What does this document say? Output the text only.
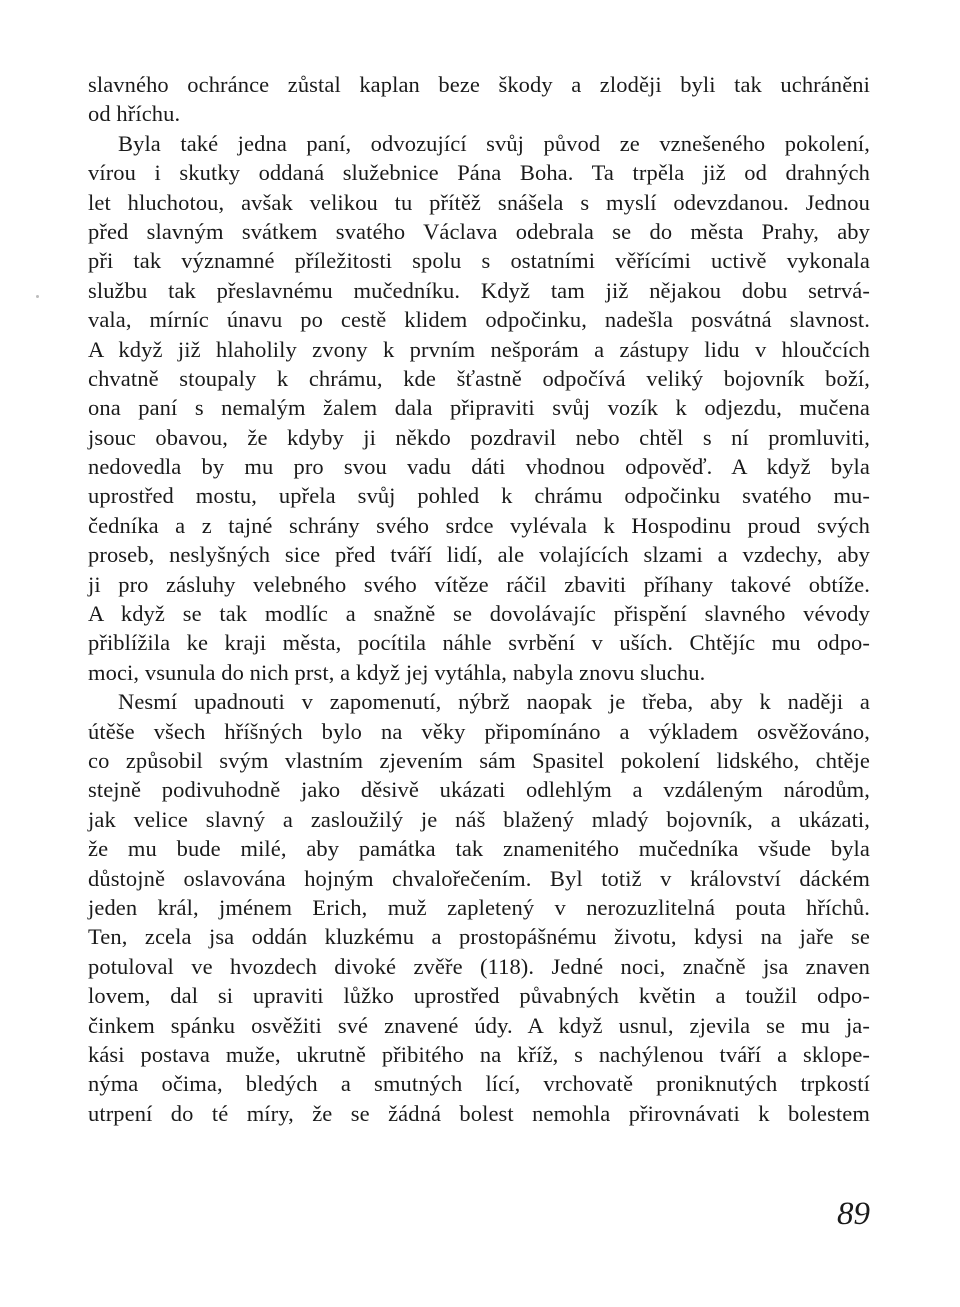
slavného ochránce zůstal kaplan beze škody a zloději byli tak uchráněni
od hříchu.
Byla také jedna paní, odvozující svůj původ ze vznešeného pokolení,
vírou i skutky oddaná služebnice Pána Boha. Ta trpěla již od drahných
let hluchotou, avšak velikou tu přítěž snášela s myslí odevzdanou. Jednou
před slavným svátkem svatého Václava odebrala se do města Prahy, aby
při tak významné příležitosti spolu s ostatními věřícími uctivě vykonala
službu tak přeslavnému mučedníku. Když tam již nějakou dobu setrvá-
vala, mírníc únavu po cestě klidem odpočinku, nadešla posvátná slavnost.
A když již hlaholily zvony k prvním nešporám a zástupy lidu v hloučcích
chvatně stoupaly k chrámu, kde šťastně odpočívá veliký bojovník boží,
ona paní s nemalým žalem dala připraviti svůj vozík k odjezdu, mučena
jsouc obavou, že kdyby ji někdo pozdravil nebo chtěl s ní promluviti,
nedovedla by mu pro svou vadu dáti vhodnou odpověď. A když byla
uprostřed mostu, upřela svůj pohled k chrámu odpočinku svatého mu-
čedníka a z tajné schrány svého srdce vylévala k Hospodinu proud svých
proseb, neslyšných sice před tváří lidí, ale volajících slzami a vzdechy, aby
ji pro zásluhy velebného svého vítěze ráčil zbaviti příhany takové obtíže.
A když se tak modlíc a snažně se dovolávajíc přispění slavného vévody
přiblížila ke kraji města, pocítila náhle svrbění v uších. Chtějíc mu odpo-
moci, vsunula do nich prst, a když jej vytáhla, nabyla znovu sluchu.
Nesmí upadnouti v zapomenutí, nýbrž naopak je třeba, aby k naději a
útěše všech hříšných bylo na věky připomínáno a výkladem osvěžováno,
co způsobil svým vlastním zjevením sám Spasitel pokolení lidského, chtěje
stejně podivuhodně jako děsivě ukázati odlehlým a vzdáleným národům,
jak velice slavný a zasloužilý je náš blažený mladý bojovník, a ukázati,
že mu bude milé, aby památka tak znamenitého mučedníka všude byla
důstojně oslavována hojným chvalořečením. Byl totiž v království dáckém
jeden král, jménem Erich, muž zapletený v nerozuzlitelná pouta hříchů.
Ten, zcela jsa oddán kluzkému a prostopášnému životu, kdysi na jaře se
potuloval ve hvozdech divoké zvěře (118). Jedné noci, značně jsa znaven
lovem, dal si upraviti lůžko uprostřed půvabných květin a toužil odpo-
činkem spánku osvěžiti své znavené údy. A když usnul, zjevila se mu ja-
kási postava muže, ukrutně přibitého na kříž, s nachýlenou tváří a sklope-
nýma očima, bledých a smutných lící, vrchovatě proniknutých trpkostí
utrpení do té míry, že se žádná bolest nemohla přirovnávati k bolestem
89
